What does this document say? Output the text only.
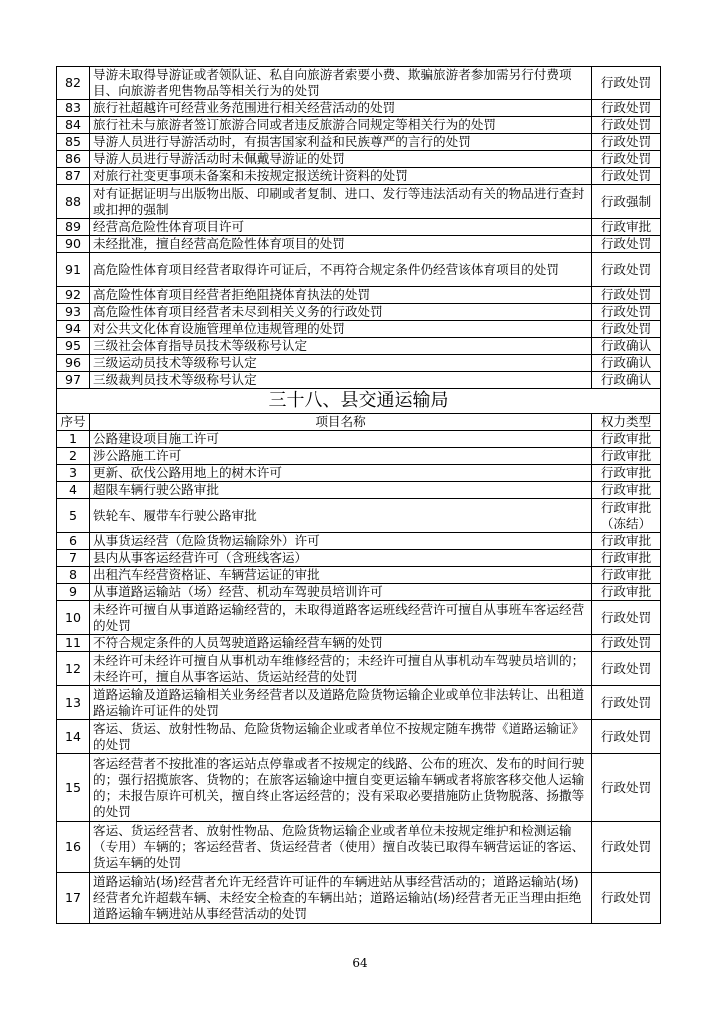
82	导游未取得导游证或者领队证、私自向旅游者索要小费、欺骗旅游者参加需另行付费项目、向旅游者兜售物品等相关行为的处罚	行政处罚
83	旅行社超越许可经营业务范围进行相关经营活动的处罚	行政处罚
84	旅行社未与旅游者签订旅游合同或者违反旅游合同规定等相关行为的处罚	行政处罚
85	导游人员进行导游活动时，有损害国家利益和民族尊严的言行的处罚	行政处罚
86	导游人员进行导游活动时未佩戴导游证的处罚	行政处罚
87	对旅行社变更事项未备案和未按规定报送统计资料的处罚	行政处罚
88	对有证据证明与出版物出版、印刷或者复制、进口、发行等违法活动有关的物品进行查封或扣押的强制	行政强制
89	经营高危险性体育项目许可	行政审批
90	未经批准，擅自经营高危险性体育项目的处罚	行政处罚
91	高危险性体育项目经营者取得许可证后，不再符合规定条件仍经营该体育项目的处罚	行政处罚
92	高危险性体育项目经营者拒绝阻挠体育执法的处罚	行政处罚
93	高危险性体育项目经营者未尽到相关义务的行政处罚	行政处罚
94	对公共文化体育设施管理单位违规管理的处罚	行政处罚
95	三级社会体育指导员技术等级称号认定	行政确认
96	三级运动员技术等级称号认定	行政确认
97	三级裁判员技术等级称号认定	行政确认
三十八、县交通运输局		
序号	项目名称	权力类型
1	公路建设项目施工许可	行政审批
2	涉公路施工许可	行政审批
3	更新、砍伐公路用地上的树木许可	行政审批
4	超限车辆行驶公路审批	行政审批
5	铁轮车、履带车行驶公路审批	行政审批（冻结）
6	从事货运经营（危险货物运输除外）许可	行政审批
7	县内从事客运经营许可（含班线客运）	行政审批
8	出租汽车经营资格证、车辆营运证的审批	行政审批
9	从事道路运输站（场）经营、机动车驾驶员培训许可	行政审批
10	未经许可擅自从事道路运输经营的，未取得道路客运班线经营许可擅自从事班车客运经营的处罚	行政处罚
11	不符合规定条件的人员驾驶道路运输经营车辆的处罚	行政处罚
12	未经许可未经许可擅自从事机动车维修经营的；未经许可擅自从事机动车驾驶员培训的；未经许可，擅自从事客运站、货运站经营的处罚	行政处罚
13	道路运输及道路运输相关业务经营者以及道路危险货物运输企业或单位非法转让、出租道路运输许可证件的处罚	行政处罚
14	客运、货运、放射性物品、危险货物运输企业或者单位不按规定随车携带《道路运输证》的处罚	行政处罚
15	客运经营者不按批准的客运站点停靠或者不按规定的线路、公布的班次、发布的时间行驶的；强行招揽旅客、货物的；在旅客运输途中擅自变更运输车辆或者将旅客移交他人运输的；未报告原许可机关，擅自终止客运经营的；没有采取必要措施防止货物脱落、扬撒等的处罚	行政处罚
16	客运、货运经营者、放射性物品、危险货物运输企业或者单位未按规定维护和检测运输（专用）车辆的；客运经营者、货运经营者（使用）擅自改装已取得车辆营运证的客运、货运车辆的处罚	行政处罚
17	道路运输站(场)经营者允许无经营许可证件的车辆进站从事经营活动的；道路运输站(场)经营者允许超载车辆、未经安全检查的车辆出站；道路运输站(场)经营者无正当理由拒绝道路运输车辆进站从事经营活动的处罚	行政处罚
64
